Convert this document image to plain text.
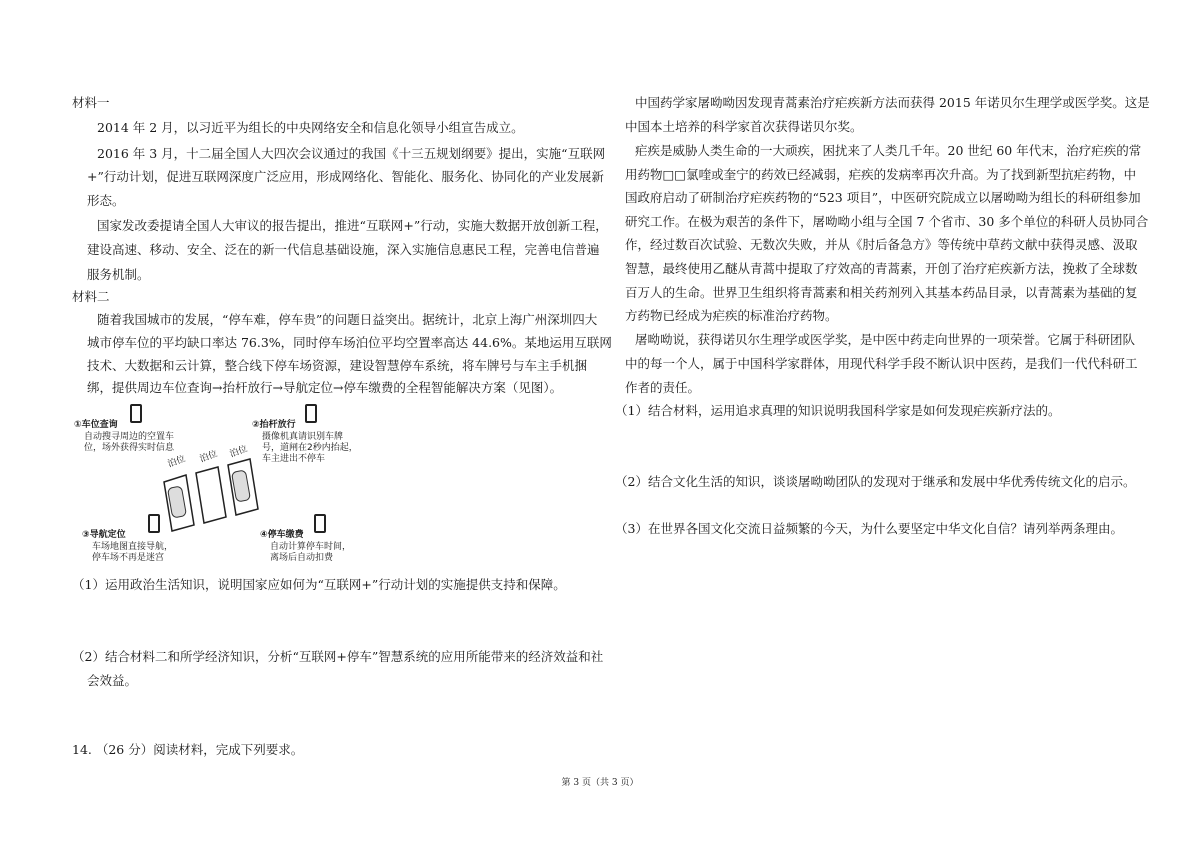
材料一
2014 年 2 月，以习近平为组长的中央网络安全和信息化领导小组宣告成立。
2016 年 3 月，十二届全国人大四次会议通过的我国《十三五规划纲要》提出，实施“互联网
+”行动计划，促进互联网深度广泛应用，形成网络化、智能化、服务化、协同化的产业发展新
形态。
国家发改委提请全国人大审议的报告提出，推进“互联网+”行动，实施大数据开放创新工程，
建设高速、移动、安全、泛在的新一代信息基础设施，深入实施信息惠民工程，完善电信普遍
服务机制。
材料二
随着我国城市的发展，“停车难，停车贵”的问题日益突出。据统计，北京上海广州深圳四大
城市停车位的平均缺口率达 76.3%，同时停车场泊位平均空置率高达 44.6%。某地运用互联网
技术、大数据和云计算，整合线下停车场资源，建设智慧停车系统，将车牌号与车主手机捆
绑，提供周边车位查询→抬杆放行→导航定位→停车缴费的全程智能解决方案（见图）。
①车位查询
自动搜寻周边的空置车
位，场外获得实时信息
②抬杆放行
摄像机真请识别车牌
号，道闸在2秒内抬起，
车主进出不停车
泊位 泊位 泊位
③导航定位
车场地图直接导航，
停车场不再是迷宫
④停车缴费
自动计算停车时间，
离场后自动扣费
（1）运用政治生活知识，说明国家应如何为“互联网+”行动计划的实施提供支持和保障。
（2）结合材料二和所学经济知识，分析“互联网+停车”智慧系统的应用所能带来的经济效益和社
会效益。
14. （26 分）阅读材料，完成下列要求。
中国药学家屠呦呦因发现青蒿素治疗疟疾新方法而获得 2015 年诺贝尔生理学或医学奖。这是
中国本土培养的科学家首次获得诺贝尔奖。
疟疾是威胁人类生命的一大顽疾，困扰来了人类几千年。20 世纪 60 年代末，治疗疟疾的常
用药物□□氯喹或奎宁的药效已经减弱，疟疾的发病率再次升高。为了找到新型抗疟药物，中
国政府启动了研制治疗疟疾药物的“523 项目”，中医研究院成立以屠呦呦为组长的科研组参加
研究工作。在极为艰苦的条件下，屠呦呦小组与全国 7 个省市、30 多个单位的科研人员协同合
作，经过数百次试验、无数次失败，并从《肘后备急方》等传统中草药文献中获得灵感、汲取
智慧，最终使用乙醚从青蒿中提取了疗效高的青蒿素，开创了治疗疟疾新方法，挽救了全球数
百万人的生命。世界卫生组织将青蒿素和相关药剂列入其基本药品目录，以青蒿素为基础的复
方药物已经成为疟疾的标准治疗药物。
屠呦呦说，获得诺贝尔生理学或医学奖，是中医中药走向世界的一项荣誉。它属于科研团队
中的每一个人，属于中国科学家群体，用现代科学手段不断认识中医药，是我们一代代科研工
作者的责任。
（1）结合材料，运用追求真理的知识说明我国科学家是如何发现疟疾新疗法的。
（2）结合文化生活的知识，谈谈屠呦呦团队的发现对于继承和发展中华优秀传统文化的启示。
（3）在世界各国文化交流日益频繁的今天，为什么要坚定中华文化自信？请列举两条理由。
第 3 页（共 3 页）
